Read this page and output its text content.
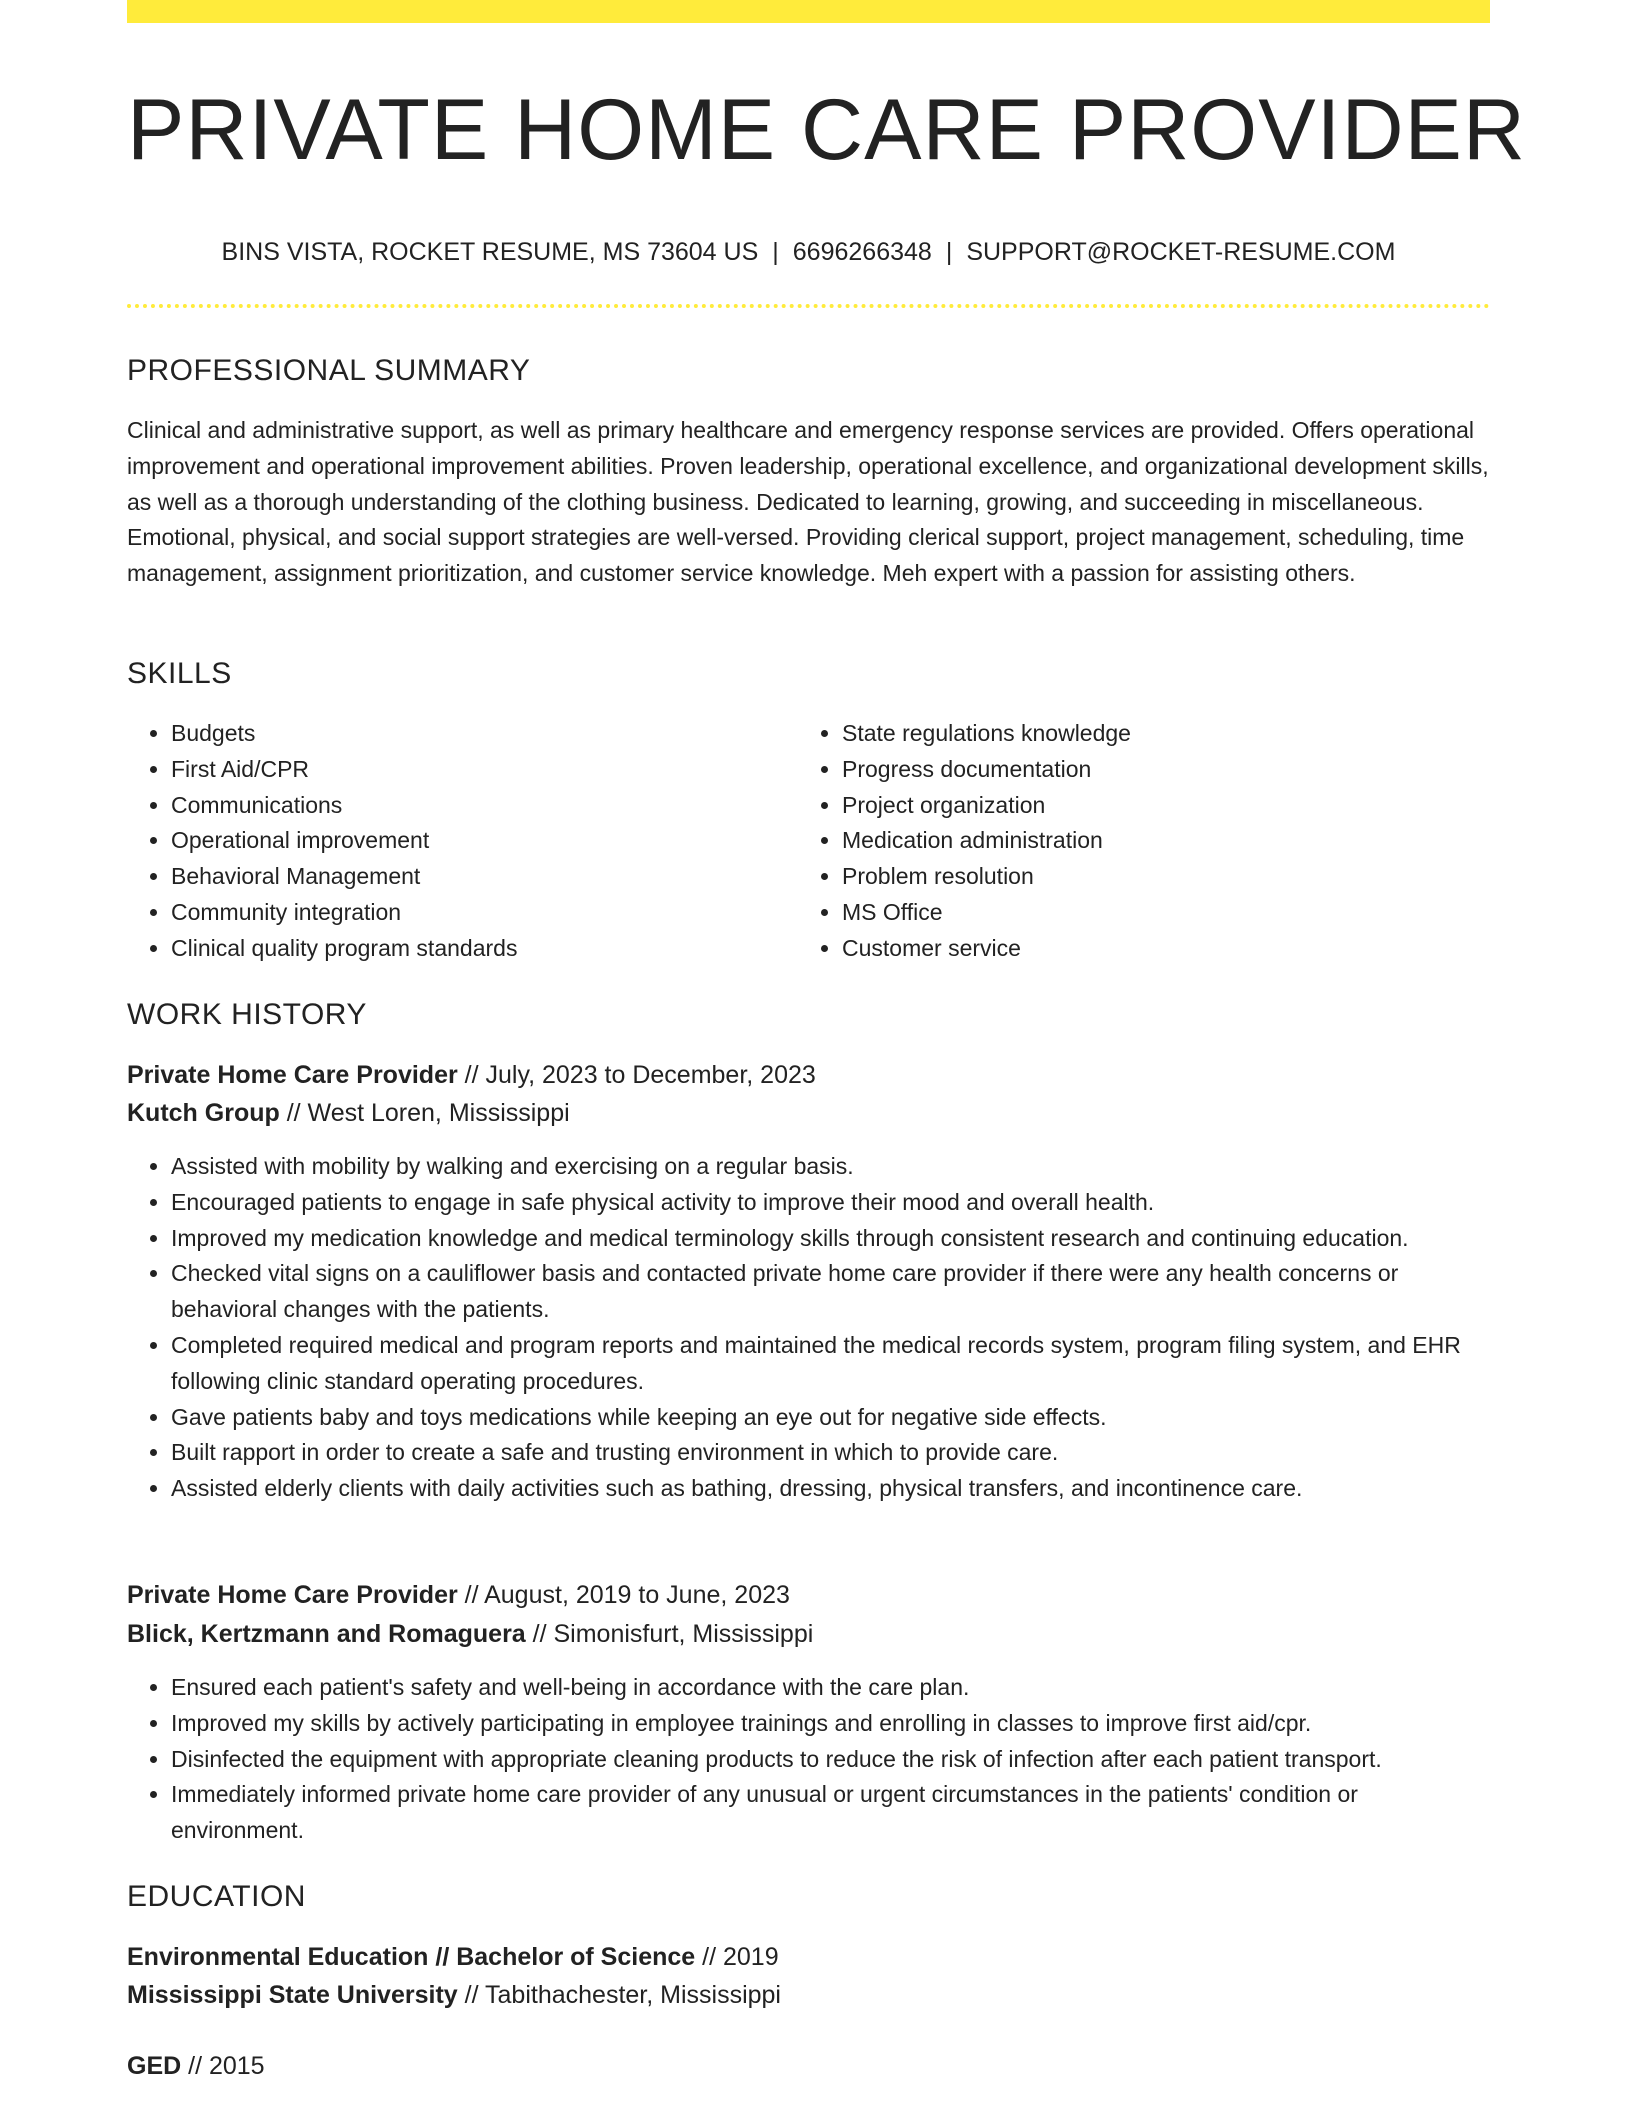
PRIVATE HOME CARE PROVIDER
BINS VISTA, ROCKET RESUME, MS 73604 US | 6696266348 | SUPPORT@ROCKET-RESUME.COM
PROFESSIONAL SUMMARY
Clinical and administrative support, as well as primary healthcare and emergency response services are provided. Offers operational improvement and operational improvement abilities. Proven leadership, operational excellence, and organizational development skills, as well as a thorough understanding of the clothing business. Dedicated to learning, growing, and succeeding in miscellaneous. Emotional, physical, and social support strategies are well-versed. Providing clerical support, project management, scheduling, time management, assignment prioritization, and customer service knowledge. Meh expert with a passion for assisting others.
SKILLS
• Budgets
• First Aid/CPR
• Communications
• Operational improvement
• Behavioral Management
• Community integration
• Clinical quality program standards
• State regulations knowledge
• Progress documentation
• Project organization
• Medication administration
• Problem resolution
• MS Office
• Customer service
WORK HISTORY
Private Home Care Provider // July, 2023 to December, 2023
Kutch Group // West Loren, Mississippi
• Assisted with mobility by walking and exercising on a regular basis.
• Encouraged patients to engage in safe physical activity to improve their mood and overall health.
• Improved my medication knowledge and medical terminology skills through consistent research and continuing education.
• Checked vital signs on a cauliflower basis and contacted private home care provider if there were any health concerns or behavioral changes with the patients.
• Completed required medical and program reports and maintained the medical records system, program filing system, and EHR following clinic standard operating procedures.
• Gave patients baby and toys medications while keeping an eye out for negative side effects.
• Built rapport in order to create a safe and trusting environment in which to provide care.
• Assisted elderly clients with daily activities such as bathing, dressing, physical transfers, and incontinence care.
Private Home Care Provider // August, 2019 to June, 2023
Blick, Kertzmann and Romaguera // Simonisfurt, Mississippi
• Ensured each patient's safety and well-being in accordance with the care plan.
• Improved my skills by actively participating in employee trainings and enrolling in classes to improve first aid/cpr.
• Disinfected the equipment with appropriate cleaning products to reduce the risk of infection after each patient transport.
• Immediately informed private home care provider of any unusual or urgent circumstances in the patients' condition or environment.
EDUCATION
Environmental Education // Bachelor of Science // 2019
Mississippi State University // Tabithachester, Mississippi
GED // 2015
